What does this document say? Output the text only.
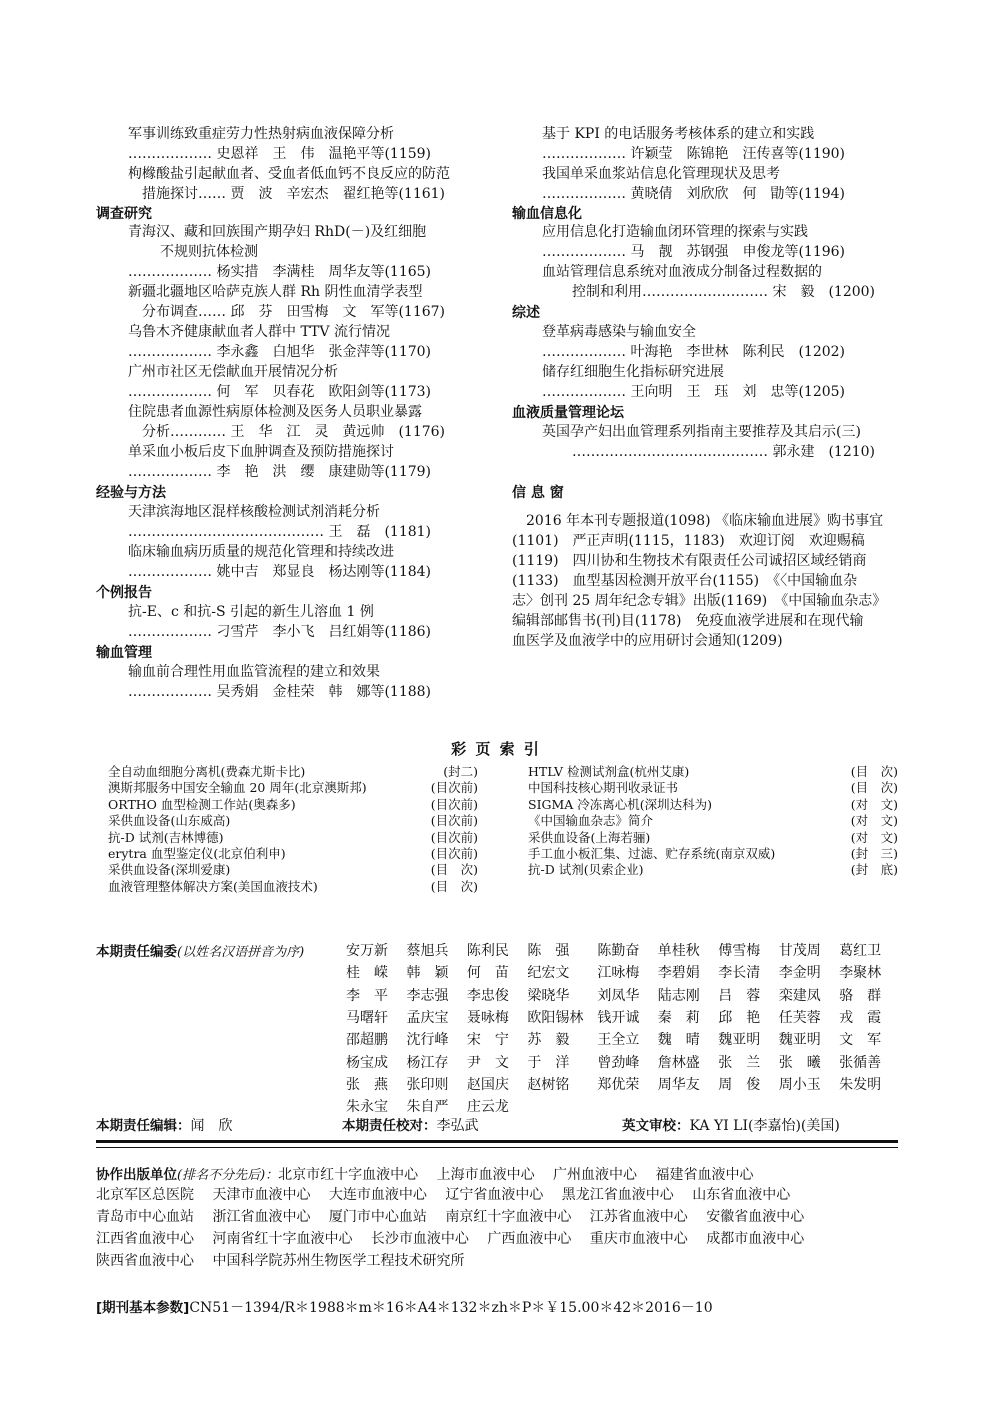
军事训练致重症劳力性热射病血液保障分析
……………… 史恩祥　王　伟　温艳平等(1159)
枸橼酸盐引起献血者、受血者低血钙不良反应的防范
措施探讨…… 贾　波　辛宏杰　翟红艳等(1161)
调查研究
青海汉、藏和回族围产期孕妇 RhD(－)及红细胞
不规则抗体检测
……………… 杨实措　李满桂　周华友等(1165)
新疆北疆地区哈萨克族人群 Rh 阴性血清学表型
分布调查…… 邱　芬　田雪梅　文　军等(1167)
乌鲁木齐健康献血者人群中 TTV 流行情况
……………… 李永鑫　白旭华　张金萍等(1170)
广州市社区无偿献血开展情况分析
……………… 何　军　贝春花　欧阳剑等(1173)
住院患者血源性病原体检测及医务人员职业暴露
分析………… 王　华　江　灵　黄远帅　(1176)
单采血小板后皮下血肿调查及预防措施探讨
……………… 李　艳　洪　缨　康建勋等(1179)
经验与方法
天津滨海地区混样核酸检测试剂消耗分析
…………………………………… 王　磊　(1181)
临床输血病历质量的规范化管理和持续改进
……………… 姚中吉　郑显良　杨达刚等(1184)
个例报告
抗-E、c 和抗-S 引起的新生儿溶血 1 例
……………… 刁雪芹　李小飞　吕红娟等(1186)
输血管理
输血前合理性用血监管流程的建立和效果
……………… 吴秀娟　金桂荣　韩　娜等(1188)
基于 KPI 的电话服务考核体系的建立和实践
……………… 许颖莹　陈锦艳　汪传喜等(1190)
我国单采血浆站信息化管理现状及思考
……………… 黄晓倩　刘欣欣　何　勖等(1194)
输血信息化
应用信息化打造输血闭环管理的探索与实践
……………… 马　靓　苏钢强　申俊龙等(1196)
血站管理信息系统对血液成分制备过程数据的
控制和利用……………………… 宋　毅　(1200)
综述
登革病毒感染与输血安全
……………… 叶海艳　李世林　陈利民　(1202)
储存红细胞生化指标研究进展
……………… 王向明　王　珏　刘　忠等(1205)
血液质量管理论坛
英国孕产妇出血管理系列指南主要推荐及其启示(三)
…………………………………… 郭永建　(1210)
信 息 窗
2016 年本刊专题报道(1098) 《临床输血进展》购书事宜
(1101)　严正声明(1115，1183)　欢迎订阅　欢迎赐稿
(1119)　四川协和生物技术有限责任公司诚招区域经销商
(1133)　血型基因检测开放平台(1155)　《〈中国输血杂
志〉创刊 25 周年纪念专辑》出版(1169)　《中国输血杂志》
编辑部邮售书(刊)目(1178)　免疫血液学进展和在现代输
血医学及血液学中的应用研讨会通知(1209)
彩 页 索 引
全自动血细胞分离机(费森尤斯卡比)	(封二)
澳斯邦服务中国安全输血 20 周年(北京澳斯邦)	(目次前)
ORTHO 血型检测工作站(奥森多)	(目次前)
采供血设备(山东威高)	(目次前)
抗-D 试剂(吉林博德)	(目次前)
erytra 血型鉴定仪(北京伯利申)	(目次前)
采供血设备(深圳爱康)	(目　次)
血液管理整体解决方案(美国血液技术)	(目　次)
HTLV 检测试剂盒(杭州艾康)	(目　次)
中国科技核心期刊收录证书	(目　次)
SIGMA 冷冻离心机(深圳达科为)	(对　文)
《中国输血杂志》简介	(对　文)
采供血设备(上海若骊)	(对　文)
手工血小板汇集、过滤、贮存系统(南京双威)	(封　三)
抗-D 试剂(贝索企业)	(封　底)
本期责任编委(以姓名汉语拼音为序)	安万新　 蔡旭兵　 陈利民　 陈　强　　陈勤奋　 单桂秋　 傅雪梅　 甘茂周　 葛红卫
桂　嵘　 韩　颖　 何　苗　 纪宏文　　江咏梅　 李碧娟　 李长清　 李金明　 李聚林
李　平　 李志强　 李忠俊　 梁晓华　　刘凤华　 陆志刚　 吕　蓉　 栾建凤　 骆　群
马曙轩　 孟庆宝　 聂咏梅　 欧阳锡林　钱开诚　 秦　莉　 邱　艳　 任芙蓉　 戎　霞
邵超鹏　 沈行峰　 宋　宁　 苏　毅　　王全立　 魏　晴　 魏亚明　 魏亚明　 文　军
杨宝成　 杨江存　 尹　文　 于　洋　　曾劲峰　 詹林盛　 张　兰　 张　曦　 张循善
张　燕　 张印则　 赵国庆　 赵树铭　　郑优荣　 周华友　 周　俊　 周小玉　 朱发明
朱永宝　 朱自严　 庄云龙
本期责任编辑：闻　欣	本期责任校对：李弘武	英文审校：KA YI LI(李嘉怡)(美国)
协作出版单位(排名不分先后)：北京市红十字血液中心　 上海市血液中心　 广州血液中心　 福建省血液中心
北京军区总医院　 天津市血液中心　 大连市血液中心　 辽宁省血液中心　 黑龙江省血液中心　 山东省血液中心
青岛市中心血站　 浙江省血液中心　 厦门市中心血站　 南京红十字血液中心　 江苏省血液中心　 安徽省血液中心
江西省血液中心　 河南省红十字血液中心　 长沙市血液中心　 广西血液中心　 重庆市血液中心　 成都市血液中心
陕西省血液中心　 中国科学院苏州生物医学工程技术研究所
[期刊基本参数]CN51－1394/R＊1988＊m＊16＊A4＊132＊zh＊P＊￥15.00＊42＊2016－10
